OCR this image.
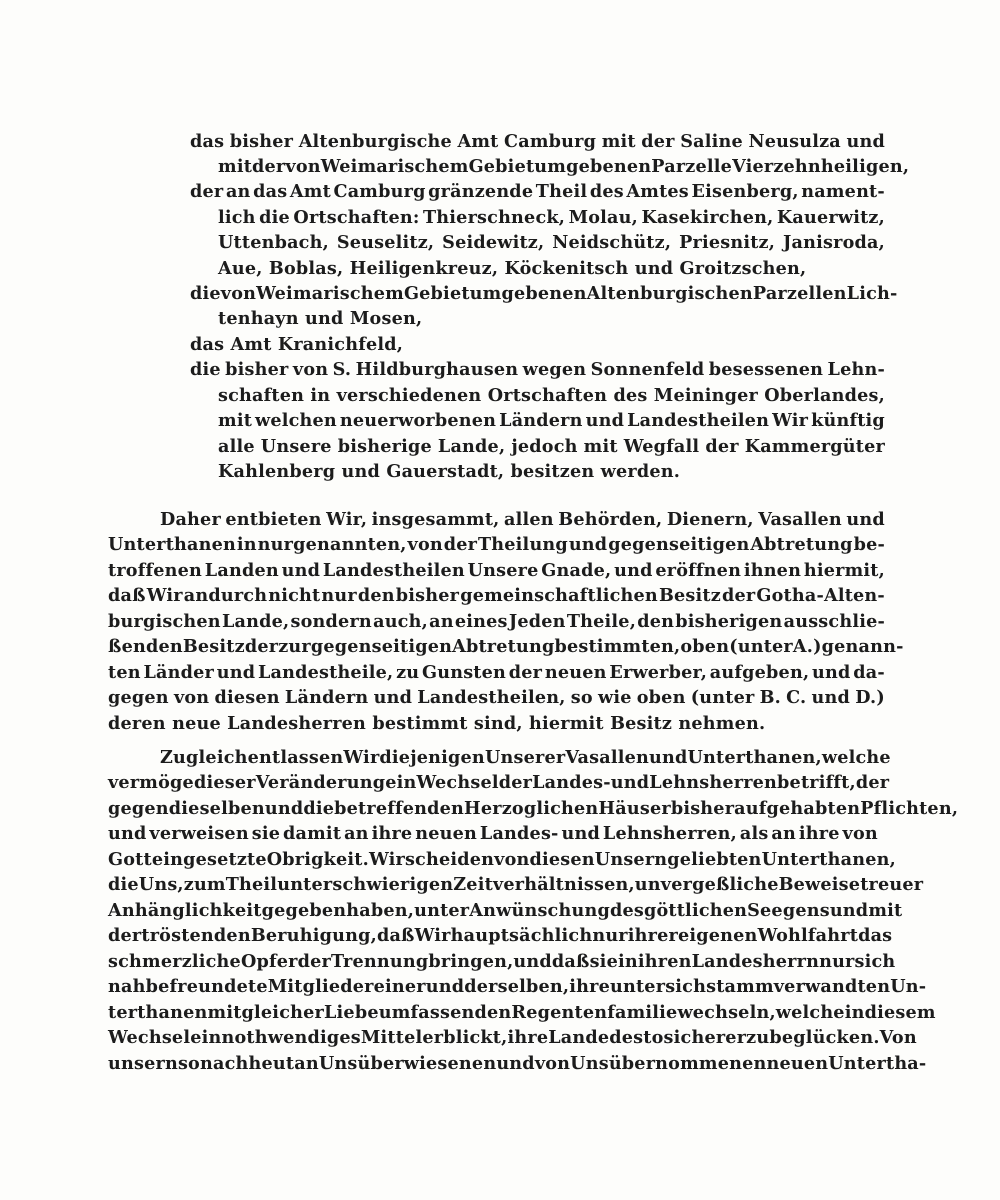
das bisher Altenburgische Amt Camburg mit der Saline Neusulza und
mit der von Weimarischem Gebiet umgebenen Parzelle Vierzehnheiligen,
der an das Amt Camburg gränzende Theil des Amtes Eisenberg, nament-
lich die Ortschaften: Thierschneck, Molau, Kasekirchen, Kauerwitz,
Uttenbach, Seuselitz, Seidewitz, Neidschütz, Priesnitz, Janisroda,
Aue, Boblas, Heiligenkreuz, Köckenitsch und Groitzschen,
die von Weimarischem Gebiet umgebenen Altenburgischen Parzellen Lich-
tenhayn und Mosen,
das Amt Kranichfeld,
die bisher von S. Hildburghausen wegen Sonnenfeld besessenen Lehn-
schaften in verschiedenen Ortschaften des Meininger Oberlandes,
mit welchen neuerworbenen Ländern und Landestheilen Wir künftig
alle Unsere bisherige Lande, jedoch mit Wegfall der Kammergüter
Kahlenberg und Gauerstadt, besitzen werden.
Daher entbieten Wir, insgesammt, allen Behörden, Dienern, Vasallen und
Unterthanen in nurgenannten, von der Theilung und gegenseitigen Abtretung be-
troffenen Landen und Landestheilen Unsere Gnade, und eröffnen ihnen hiermit,
daß Wir andurch nicht nur den bisher gemeinschaftlichen Besitz der Gotha-Alten-
burgischen Lande, sondern auch, an eines Jeden Theile, den bisherigen ausschlie-
ßenden Besitz der zur gegenseitigen Abtretung bestimmten, oben (unter A.) genann-
ten Länder und Landestheile, zu Gunsten der neuen Erwerber, aufgeben, und da-
gegen von diesen Ländern und Landestheilen, so wie oben (unter B. C. und D.)
deren neue Landesherren bestimmt sind, hiermit Besitz nehmen.
Zugleich entlassen Wir diejenigen Unserer Vasallen und Unterthanen, welche
vermöge dieser Veränderung ein Wechsel der Landes- und Lehnsherren betrifft, der
gegen dieselben und die betreffenden Herzoglichen Häuser bisher aufgehabten Pflichten,
und verweisen sie damit an ihre neuen Landes- und Lehnsherren, als an ihre von
Gott eingesetzte Obrigkeit. Wir scheiden von diesen Unsern geliebten Unterthanen,
die Uns, zum Theil unter schwierigen Zeitverhältnissen, unvergeßliche Beweise treuer
Anhänglichkeit gegeben haben, unter Anwünschung des göttlichen Seegens und mit
der tröstenden Beruhigung, daß Wir hauptsächlich nur ihrer eigenen Wohlfahrt das
schmerzliche Opfer der Trennung bringen, und daß sie in ihren Landesherrn nur sich
nahbefreundete Mitglieder einer und derselben, ihre unter sich stammverwandten Un-
terthanen mit gleicher Liebe umfassenden Regentenfamilie wechseln, welche in diesem
Wechsel ein nothwendiges Mittel erblickt, ihre Lande desto sicherer zu beglücken. Von
unsern sonach heut an Uns überwiesenen und von Uns übernommenen neuen Unterthа-
